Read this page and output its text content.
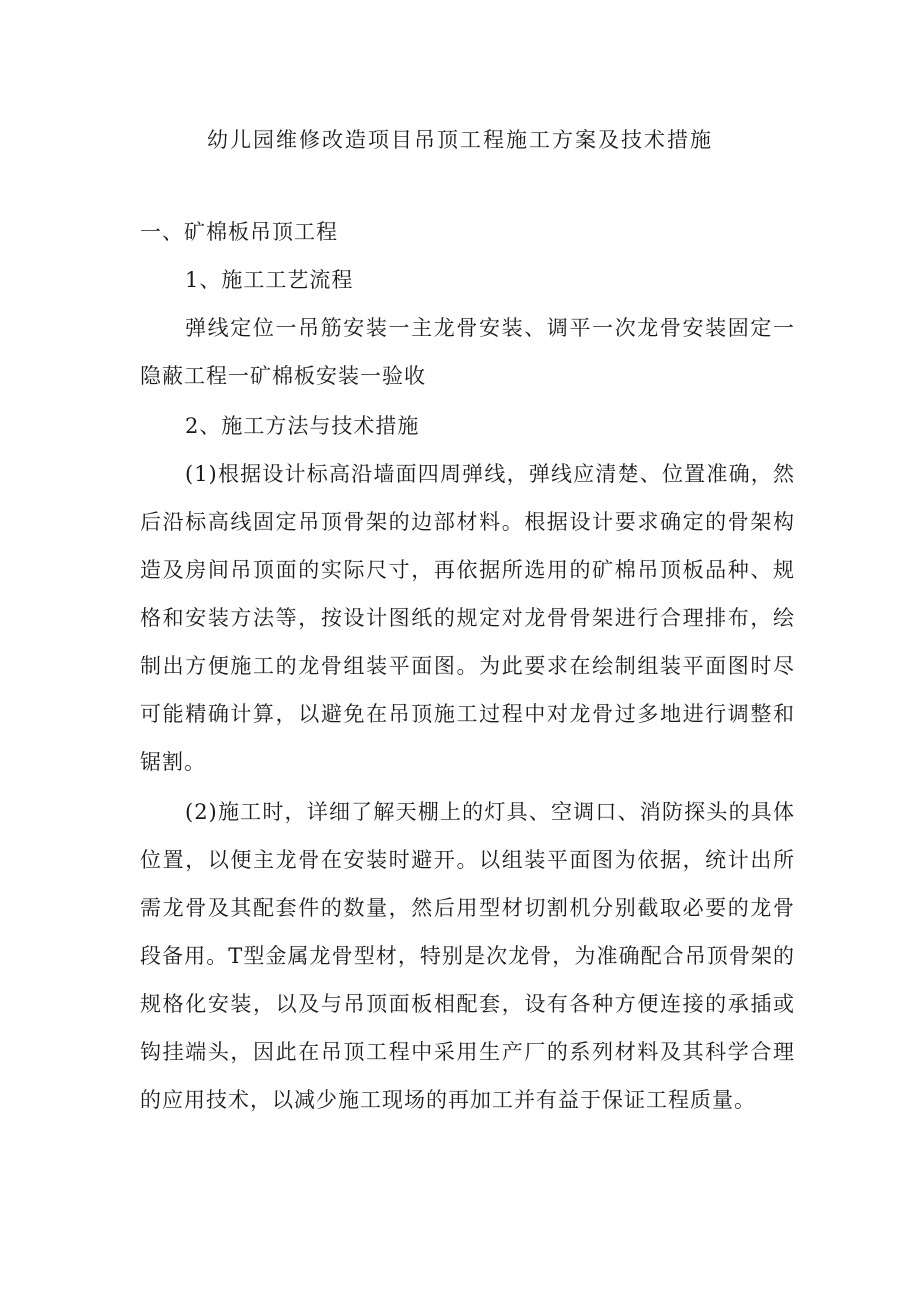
幼儿园维修改造项目吊顶工程施工方案及技术措施

一、矿棉板吊顶工程

1、施工工艺流程

弹线定位一吊筋安装一主龙骨安装、调平一次龙骨安装固定一隐蔽工程一矿棉板安装一验收

2、施工方法与技术措施

(1)根据设计标高沿墙面四周弹线，弹线应清楚、位置准确，然后沿标高线固定吊顶骨架的边部材料。根据设计要求确定的骨架构造及房间吊顶面的实际尺寸，再依据所选用的矿棉吊顶板品种、规格和安装方法等，按设计图纸的规定对龙骨骨架进行合理排布，绘制出方便施工的龙骨组装平面图。为此要求在绘制组装平面图时尽可能精确计算，以避免在吊顶施工过程中对龙骨过多地进行调整和锯割。

(2)施工时，详细了解天棚上的灯具、空调口、消防探头的具体位置，以便主龙骨在安装时避开。以组装平面图为依据，统计出所需龙骨及其配套件的数量，然后用型材切割机分别截取必要的龙骨段备用。T型金属龙骨型材，特别是次龙骨，为准确配合吊顶骨架的规格化安装，以及与吊顶面板相配套，设有各种方便连接的承插或钩挂端头，因此在吊顶工程中采用生产厂的系列材料及其科学合理的应用技术，以减少施工现场的再加工并有益于保证工程质量。
